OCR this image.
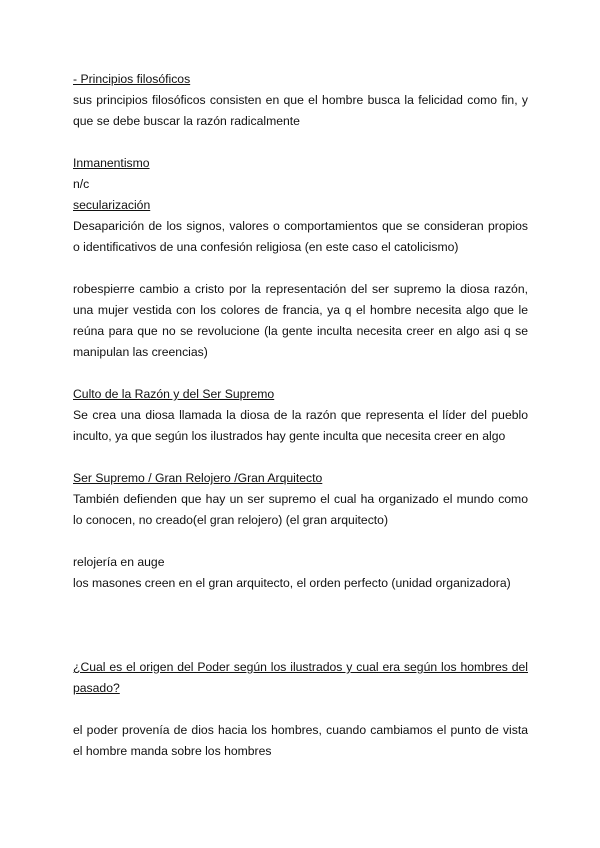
- Principios filosóficos
sus principios filosóficos consisten en que el hombre busca la felicidad como fin, y que se debe buscar la razón radicalmente
Inmanentismo
n/c
secularización
Desaparición de los signos, valores o comportamientos que se consideran propios o identificativos de una confesión religiosa (en este caso el catolicismo)
robespierre cambio a cristo por la representación del ser supremo la diosa razón, una mujer vestida con los colores de francia, ya q el hombre necesita algo que le reúna para que no se revolucione (la gente inculta necesita creer en algo asi q se manipulan las creencias)
Culto de la Razón y del Ser Supremo
Se crea una diosa llamada la diosa de la razón que representa el líder del pueblo inculto, ya que según los ilustrados hay gente inculta que necesita creer en algo
Ser Supremo / Gran Relojero /Gran Arquitecto
También defienden que hay un ser supremo el cual ha organizado el mundo como lo conocen, no creado(el gran relojero) (el gran arquitecto)
relojería en auge
los masones creen en el gran arquitecto, el orden perfecto (unidad organizadora)
¿Cual es el origen del Poder según los ilustrados y cual era según los hombres del pasado?
el poder provenía de dios hacia los hombres, cuando cambiamos el punto de vista el hombre manda sobre los hombres
